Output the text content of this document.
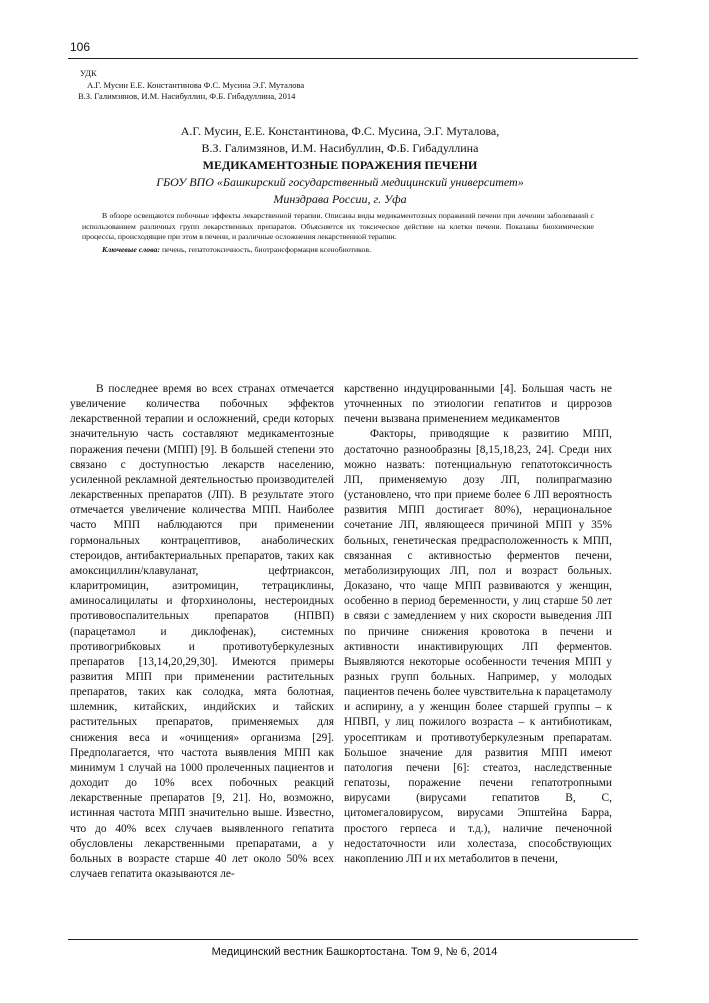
106
УДК
А.Г. Мусин Е.Е. Константинова Ф.С. Мусина Э.Г. Муталова
В.З. Галимзянов, И.М. Насибуллин, Ф.Б. Гибадуллина, 2014
А.Г. Мусин, Е.Е. Константинова, Ф.С. Мусина, Э.Г. Муталова,
В.З. Галимзянов, И.М. Насибуллин, Ф.Б. Гибадуллина
МЕДИКАМЕНТОЗНЫЕ ПОРАЖЕНИЯ ПЕЧЕНИ
ГБОУ ВПО «Башкирский государственный медицинский университет»
Минздрава России, г. Уфа

В обзоре освещаются побочные эффекты лекарственной терапии. Описаны виды медикаментозных поражений печени при лечении заболеваний с использованием различных групп лекарственных препаратов. Объясняется их токсическое действие на клетки печени. Показаны биохимические процессы, происходящие при этом в печени, и различные осложнения лекарственной терапии.

Ключевые слова: печень, гепатотоксичность, биотрансформация ксенобиотиков.

В последнее время во всех странах отмечается увеличение количества побочных эффектов лекарственной терапии и осложнений, среди которых значительную часть составляют медикаментозные поражения печени (МПП) [9]. В большей степени это связано с доступностью лекарств населению, усиленной рекламной деятельностью производителей лекарственных препаратов (ЛП). В результате этого отмечается увеличение количества МПП. Наиболее часто МПП наблюдаются при применении гормональных контрацептивов, анаболических стероидов, антибактериальных препаратов, таких как амоксициллин/клавуланат, цефтриаксон, кларитромицин, азитромицин, тетрациклины, аминосалицилаты и фторхинолоны, нестероидных противовоспалительных препаратов (НПВП) (парацетамол и диклофенак), системных противогрибковых и противотуберкулезных препаратов [13,14,20,29,30]. Имеются примеры развития МПП при применении растительных препаратов, таких как солодка, мята болотная, шлемник, китайских, индийских и тайских растительных препаратов, применяемых для снижения веса и «очищения» организма [29]. Предполагается, что частота выявления МПП как минимум 1 случай на 1000 пролеченных пациентов и доходит до 10% всех побочных реакций лекарственные препаратов [9, 21]. Но, возможно, истинная частота МПП значительно выше. Известно, что до 40% всех случаев выявленного гепатита обусловлены лекарственными препаратами, а у больных в возрасте старше 40 лет около 50% всех случаев гепатита оказываются ле-

карственно индуцированными [4]. Большая часть не уточненных по этиологии гепатитов и циррозов печени вызвана применением медикаментов

Факторы, приводящие к развитию МПП, достаточно разнообразны [8,15,18,23, 24]. Среди них можно назвать: потенциальную гепатотоксичность ЛП, применяемую дозу ЛП, полипрагмазию (установлено, что при приеме более 6 ЛП вероятность развития МПП достигает 80%), нерациональное сочетание ЛП, являющееся причиной МПП у 35% больных, генетическая предрасположенность к МПП, связанная с активностью ферментов печени, метаболизирующих ЛП, пол и возраст больных. Доказано, что чаще МПП развиваются у женщин, особенно в период беременности, у лиц старше 50 лет в связи с замедлением у них скорости выведения ЛП по причине снижения кровотока в печени и активности инактивирующих ЛП ферментов. Выявляются некоторые особенности течения МПП у разных групп больных. Например, у молодых пациентов печень более чувствительна к парацетамолу и аспирину, а у женщин более старшей группы – к НПВП, у лиц пожилого возраста – к антибиотикам, уросептикам и противотуберкулезным препаратам. Большое значение для развития МПП имеют патология печени [6]: стеатоз, наследственные гепатозы, поражение печени гепатотропными вирусами (вирусами гепатитов В, С, цитомегаловирусом, вирусами Эпштейна Барра, простого герпеса и т.д.), наличие печеночной недостаточности или холестаза, способствующих накоплению ЛП и их метаболитов в печени,

Медицинский вестник Башкортостана. Том 9, № 6, 2014
